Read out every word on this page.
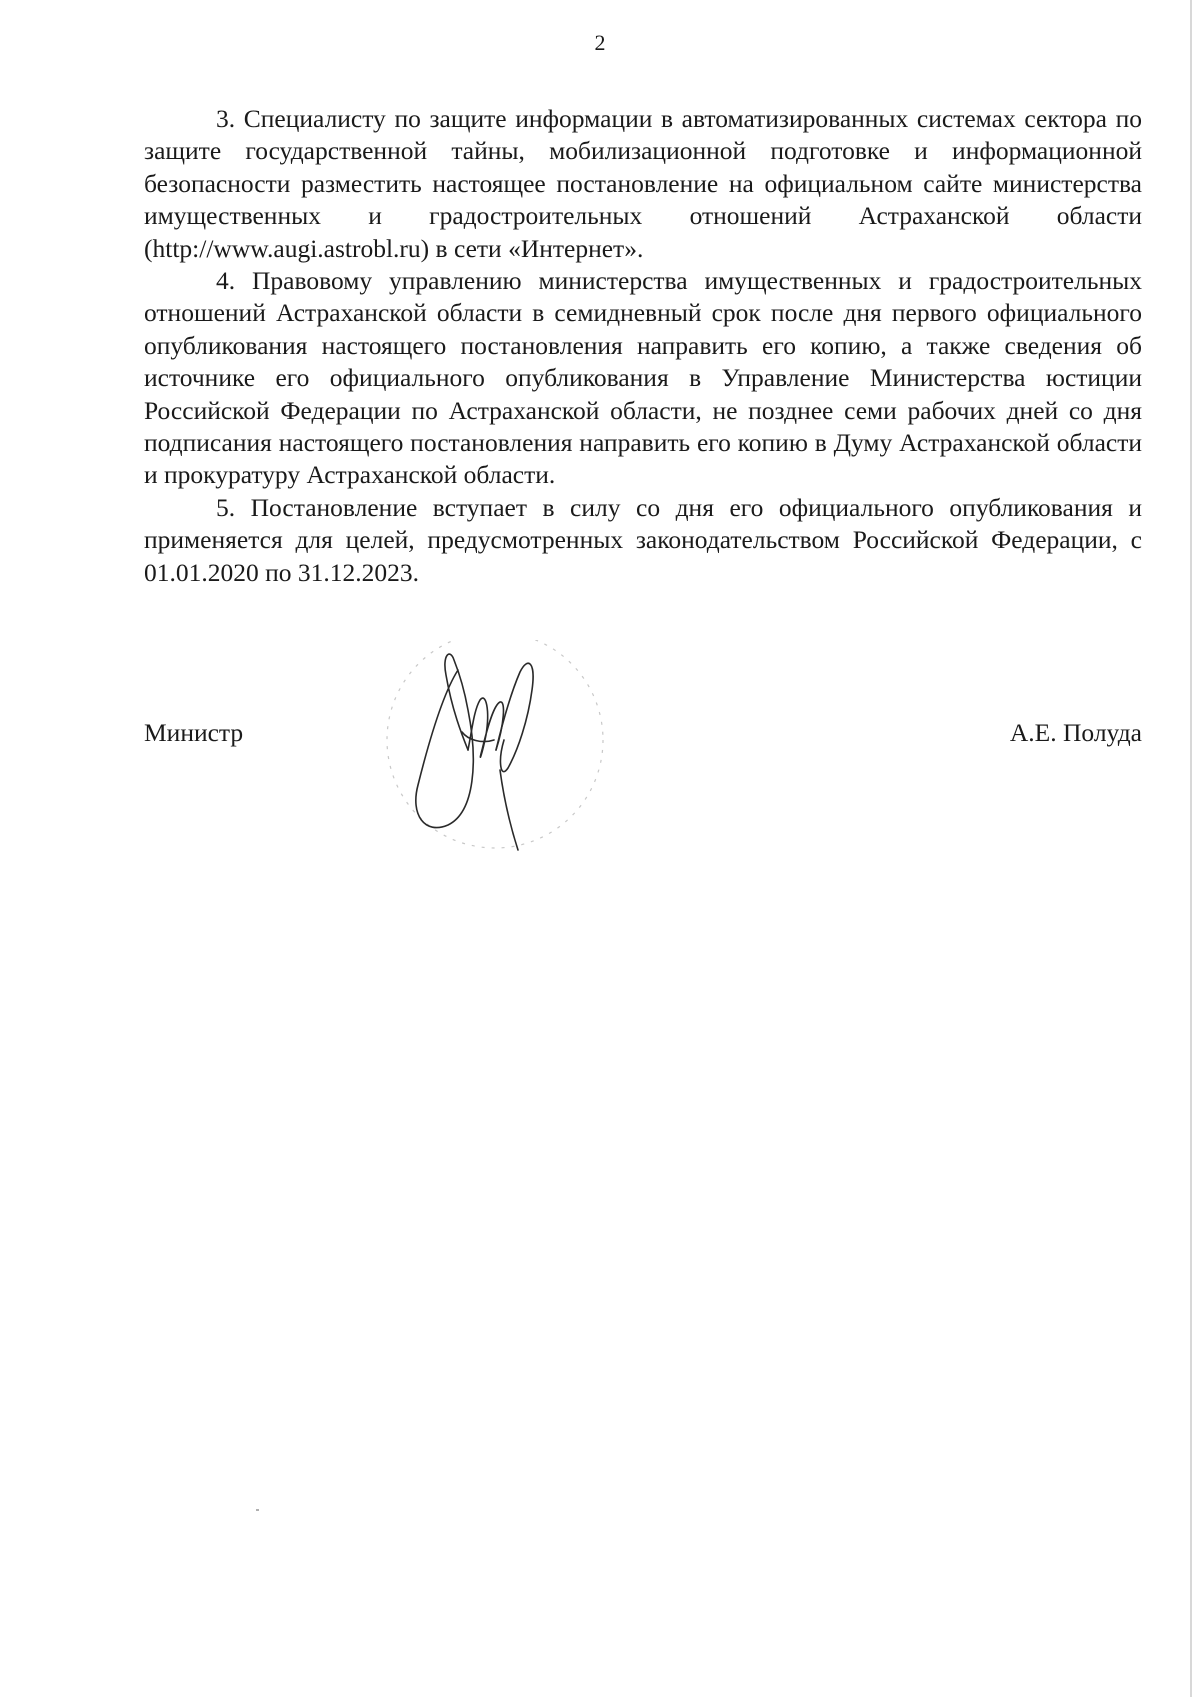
2

3. Специалисту по защите информации в автоматизированных системах сектора по защите государственной тайны, мобилизационной подготовке и информационной безопасности разместить настоящее постановление на официальном сайте министерства имущественных и градостроительных отношений Астраханской области (http://www.augi.astrobl.ru) в сети «Интернет».

4. Правовому управлению министерства имущественных и градостроительных отношений Астраханской области в семидневный срок после дня первого официального опубликования настоящего постановления направить его копию, а также сведения об источнике его официального опубликования в Управление Министерства юстиции Российской Федерации по Астраханской области, не позднее семи рабочих дней со дня подписания настоящего постановления направить его копию в Думу Астраханской области и прокуратуру Астраханской области.

5. Постановление вступает в силу со дня его официального опубликования и применяется для целей, предусмотренных законодательством Российской Федерации, с 01.01.2020 по 31.12.2023.

Министр	А.Е. Полуда
